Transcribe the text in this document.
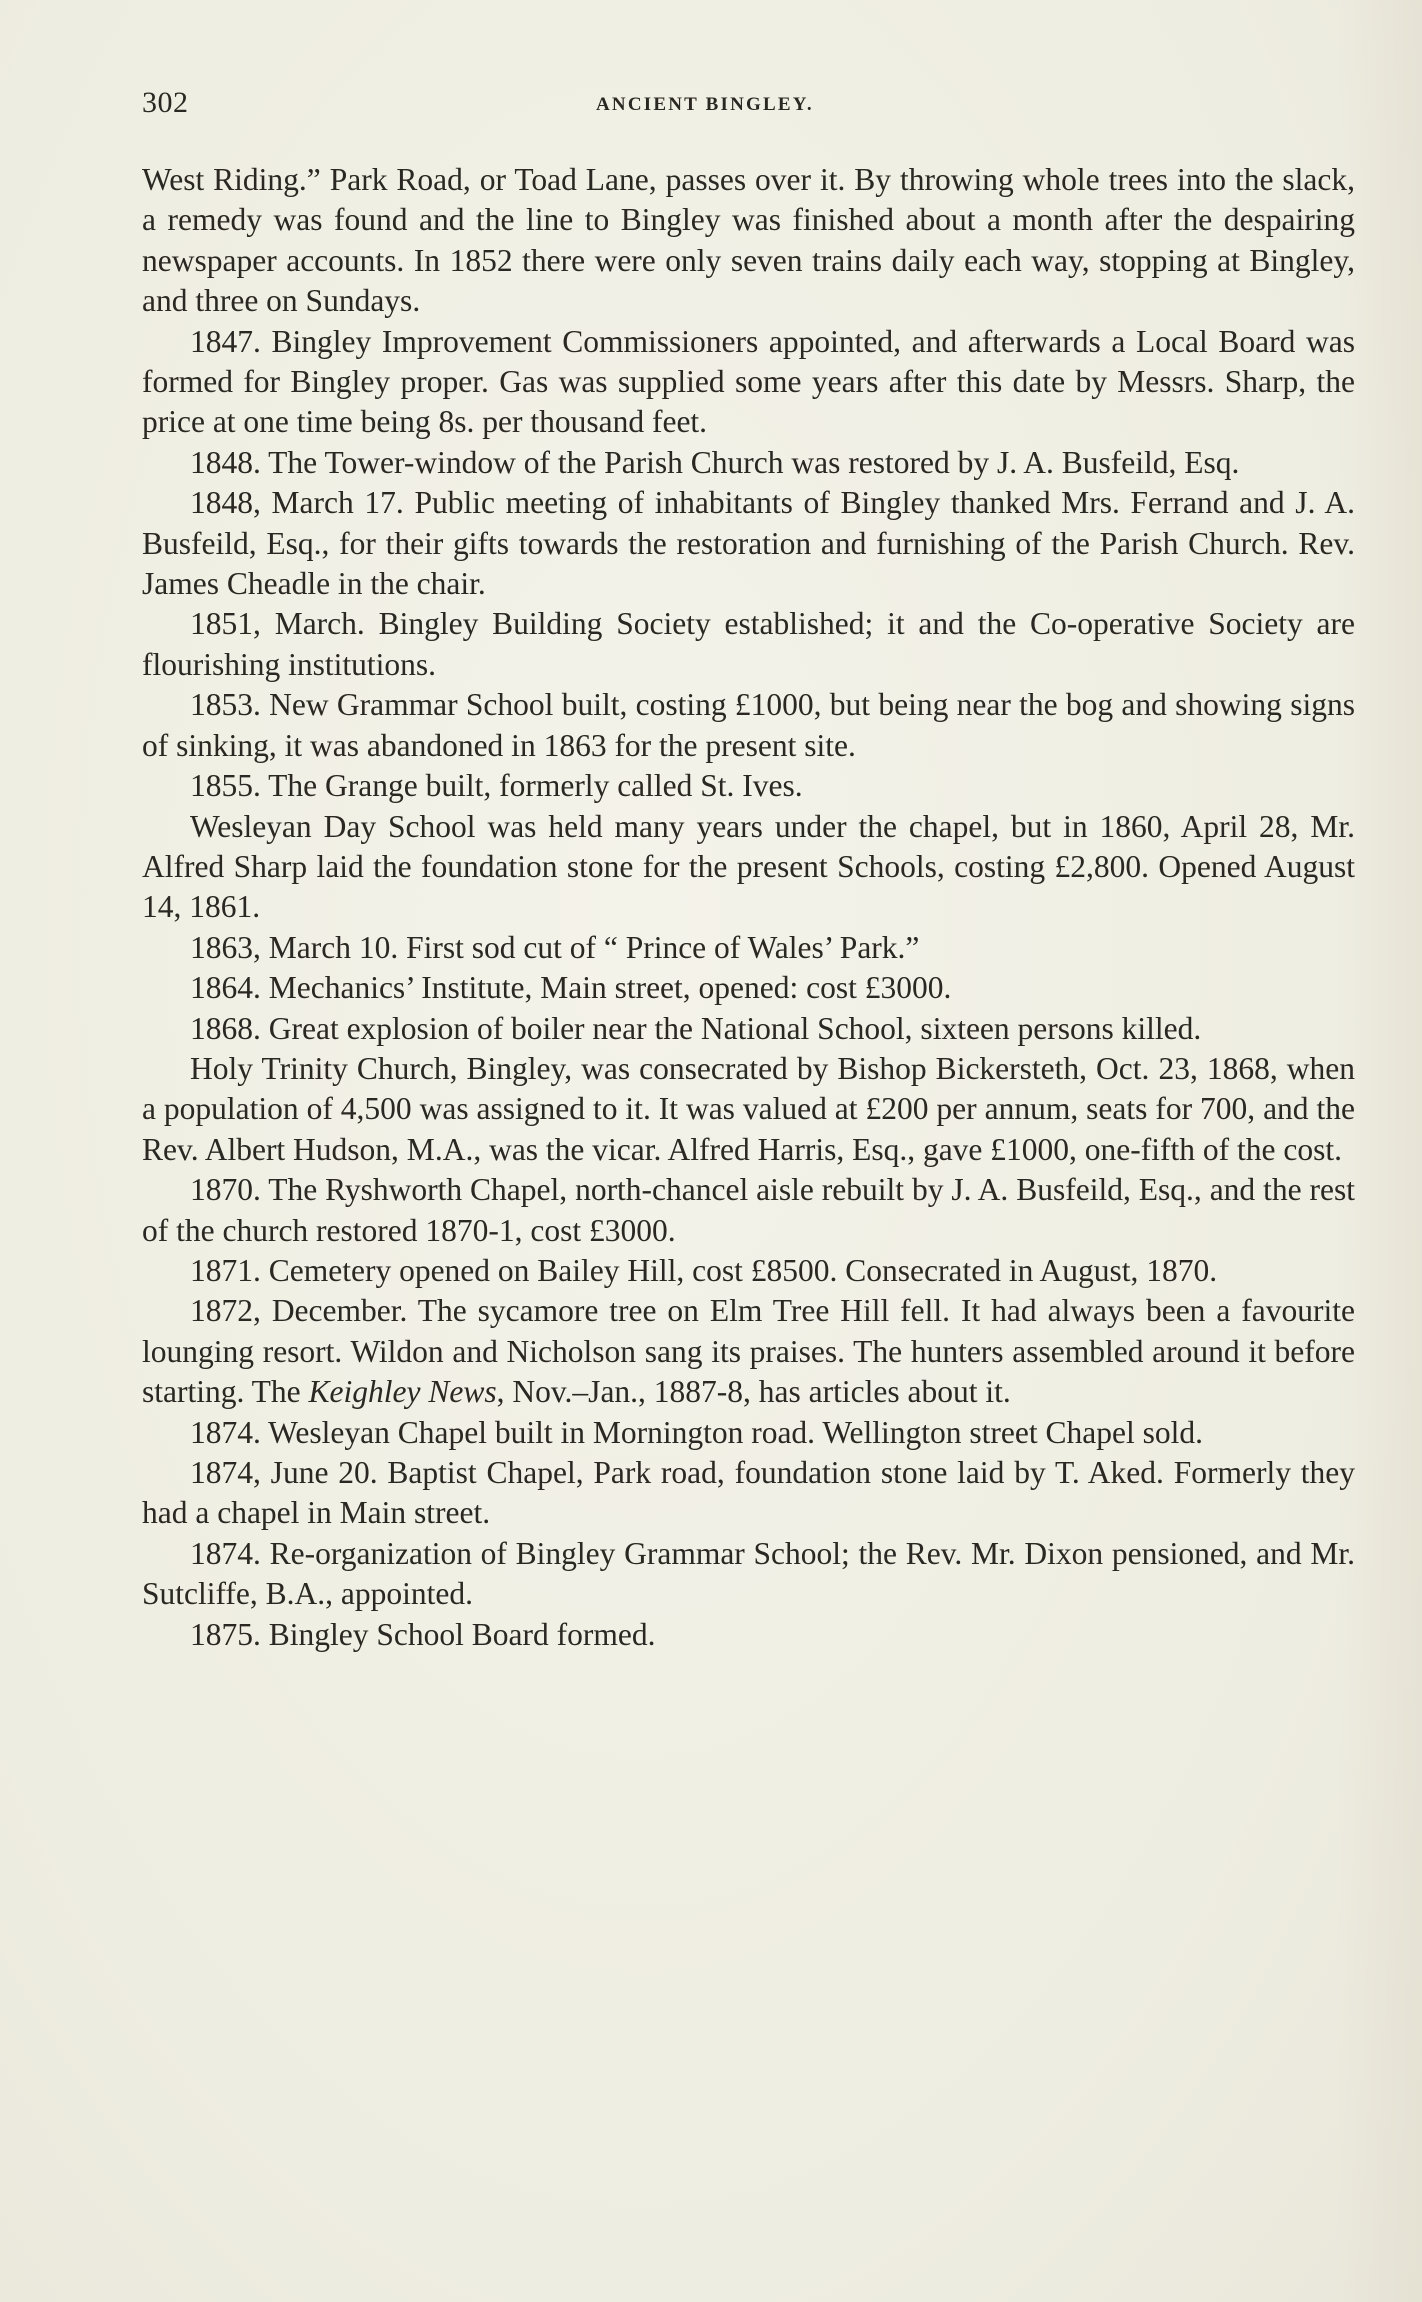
302	ANCIENT BINGLEY.

West Riding.” Park Road, or Toad Lane, passes over it. By throwing whole trees into the slack, a remedy was found and the line to Bingley was finished about a month after the despairing newspaper accounts. In 1852 there were only seven trains daily each way, stopping at Bingley, and three on Sundays.

1847. Bingley Improvement Commissioners appointed, and afterwards a Local Board was formed for Bingley proper. Gas was supplied some years after this date by Messrs. Sharp, the price at one time being 8s. per thousand feet.

1848. The Tower-window of the Parish Church was restored by J. A. Busfeild, Esq.

1848, March 17. Public meeting of inhabitants of Bingley thanked Mrs. Ferrand and J. A. Busfeild, Esq., for their gifts towards the restoration and furnishing of the Parish Church. Rev. James Cheadle in the chair.

1851, March. Bingley Building Society established; it and the Co-operative Society are flourishing institutions.

1853. New Grammar School built, costing £1000, but being near the bog and showing signs of sinking, it was abandoned in 1863 for the present site.

1855. The Grange built, formerly called St. Ives.

Wesleyan Day School was held many years under the chapel, but in 1860, April 28, Mr. Alfred Sharp laid the foundation stone for the present Schools, costing £2,800. Opened August 14, 1861.

1863, March 10. First sod cut of “ Prince of Wales’ Park.”

1864. Mechanics’ Institute, Main street, opened: cost £3000.

1868. Great explosion of boiler near the National School, sixteen persons killed.

Holy Trinity Church, Bingley, was consecrated by Bishop Bickersteth, Oct. 23, 1868, when a population of 4,500 was assigned to it. It was valued at £200 per annum, seats for 700, and the Rev. Albert Hudson, M.A., was the vicar. Alfred Harris, Esq., gave £1000, one-fifth of the cost.

1870. The Ryshworth Chapel, north-chancel aisle rebuilt by J. A. Busfeild, Esq., and the rest of the church restored 1870-1, cost £3000.

1871. Cemetery opened on Bailey Hill, cost £8500. Consecrated in August, 1870.

1872, December. The sycamore tree on Elm Tree Hill fell. It had always been a favourite lounging resort. Wildon and Nicholson sang its praises. The hunters assembled around it before starting. The Keighley News, Nov.–Jan., 1887-8, has articles about it.

1874. Wesleyan Chapel built in Mornington road. Wellington street Chapel sold.

1874, June 20. Baptist Chapel, Park road, foundation stone laid by T. Aked. Formerly they had a chapel in Main street.

1874. Re-organization of Bingley Grammar School; the Rev. Mr. Dixon pensioned, and Mr. Sutcliffe, B.A., appointed.

1875. Bingley School Board formed.
